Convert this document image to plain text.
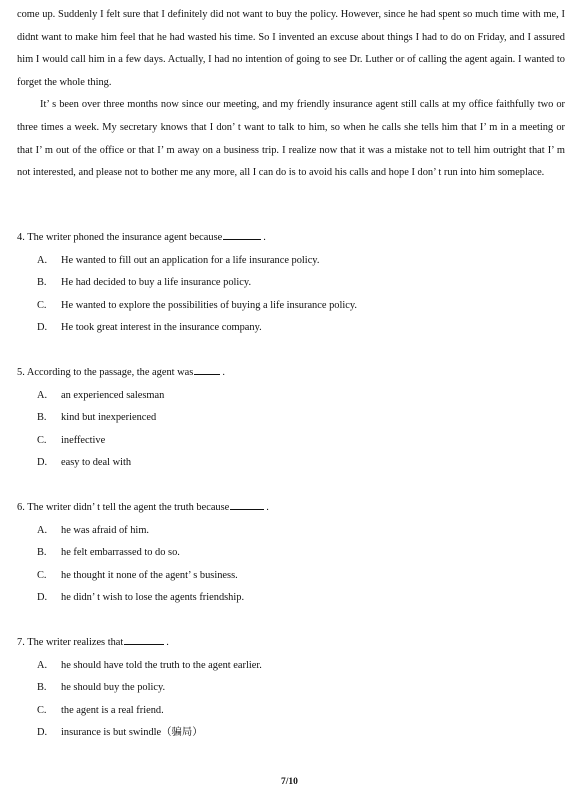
come up. Suddenly I felt sure that I definitely did not want to buy the policy. However, since he had spent so much time with me, I didnt want to make him feel that he had wasted his time. So I invented an excuse about things I had to do on Friday, and I assured him I would call him in a few days. Actually, I had no intention of going to see Dr. Luther or of calling the agent again. I wanted to forget the whole thing.

It’ s been over three months now since our meeting, and my friendly insurance agent still calls at my office faithfully two or three times a week. My secretary knows that I don’ t want to talk to him, so when he calls she tells him that I’ m in a meeting or that I’ m out of the office or that I’ m away on a business trip. I realize now that it was a mistake not to tell him outright that I’ m not interested, and please not to bother me any more, all I can do is to avoid his calls and hope I don’ t run into him someplace.

4. The writer phoned the insurance agent because	.
A. He wanted to fill out an application for a life insurance policy.
B. He had decided to buy a life insurance policy.
C. He wanted to explore the possibilities of buying a life insurance policy.
D. He took great interest in the insurance company.
5. According to the passage, the agent was	.
A. an experienced salesman
B. kind but inexperienced
C. ineffective
D. easy to deal with
6. The writer didn’ t tell the agent the truth because	.
A. he was afraid of him.
B. he felt embarrassed to do so.
C. he thought it none of the agent’ s business.
D. he didn’ t wish to lose the agents friendship.
7. The writer realizes that	.
A. he should have told the truth to the agent earlier.
B. he should buy the policy.
C. the agent is a real friend.
D. insurance is but swindle（骗局）
7/10
